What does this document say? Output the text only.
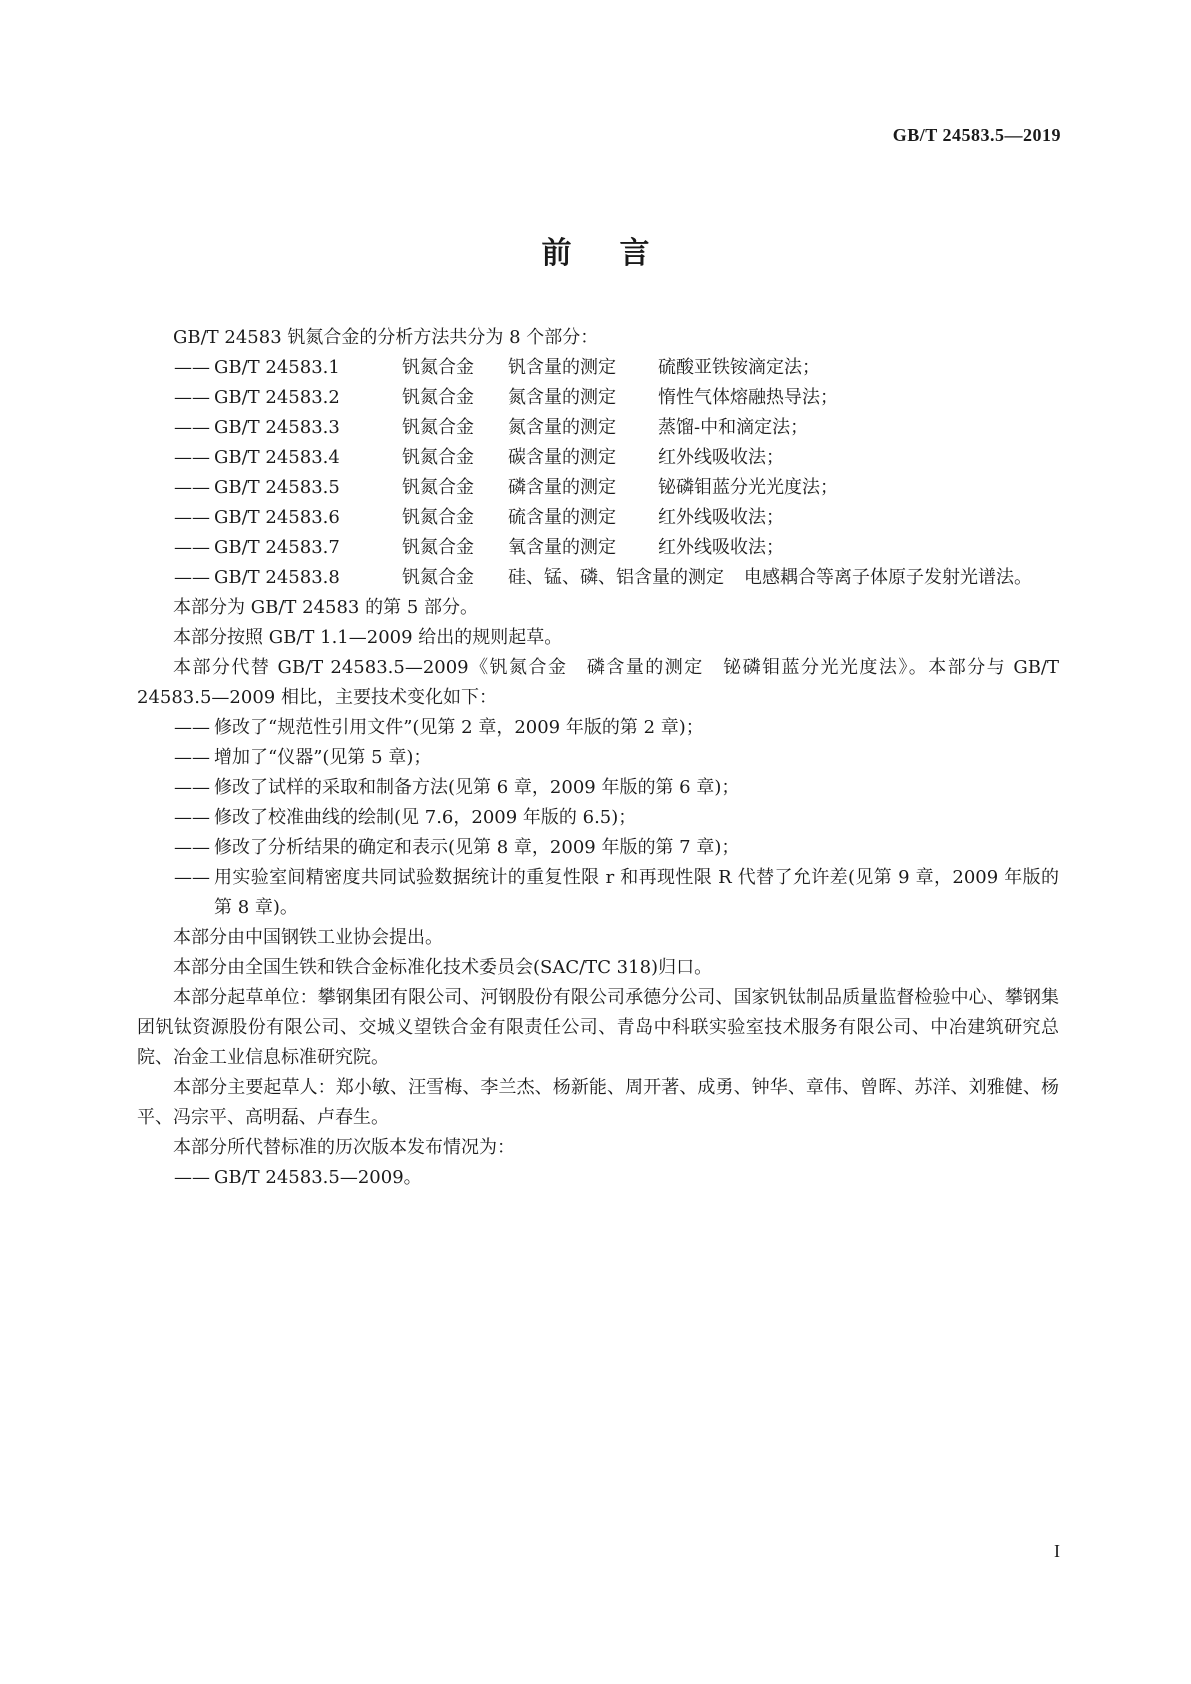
GB/T 24583.5—2019
前言

GB/T 24583 钒氮合金的分析方法共分为 8 个部分：

—— GB/T 24583.1	钒氮合金 钒含量的测定 硫酸亚铁铵滴定法；

—— GB/T 24583.2	钒氮合金 氮含量的测定 惰性气体熔融热导法；

—— GB/T 24583.3	钒氮合金 氮含量的测定 蒸馏-中和滴定法；

—— GB/T 24583.4	钒氮合金 碳含量的测定 红外线吸收法；

—— GB/T 24583.5	钒氮合金 磷含量的测定 铋磷钼蓝分光光度法；

—— GB/T 24583.6	钒氮合金 硫含量的测定 红外线吸收法；

—— GB/T 24583.7	钒氮合金 氧含量的测定 红外线吸收法；

—— GB/T 24583.8	钒氮合金 硅、锰、磷、铝含量的测定 电感耦合等离子体原子发射光谱法。

本部分为 GB/T 24583 的第 5 部分。

本部分按照 GB/T 1.1—2009 给出的规则起草。

本部分代替 GB/T 24583.5—2009《钒氮合金　磷含量的测定　铋磷钼蓝分光光度法》。本部分与 GB/T 24583.5—2009 相比，主要技术变化如下：

—— 修改了“规范性引用文件”(见第 2 章，2009 年版的第 2 章)；

—— 增加了“仪器”(见第 5 章)；

—— 修改了试样的采取和制备方法(见第 6 章，2009 年版的第 6 章)；

—— 修改了校准曲线的绘制(见 7.6，2009 年版的 6.5)；

—— 修改了分析结果的确定和表示(见第 8 章，2009 年版的第 7 章)；

—— 用实验室间精密度共同试验数据统计的重复性限 r 和再现性限 R 代替了允许差(见第 9 章，2009 年版的第 8 章)。

本部分由中国钢铁工业协会提出。

本部分由全国生铁和铁合金标准化技术委员会(SAC/TC 318)归口。

本部分起草单位：攀钢集团有限公司、河钢股份有限公司承德分公司、国家钒钛制品质量监督检验中心、攀钢集团钒钛资源股份有限公司、交城义望铁合金有限责任公司、青岛中科联实验室技术服务有限公司、中冶建筑研究总院、冶金工业信息标准研究院。

本部分主要起草人：郑小敏、汪雪梅、李兰杰、杨新能、周开著、成勇、钟华、章伟、曾晖、苏洋、刘雅健、杨平、冯宗平、高明磊、卢春生。

本部分所代替标准的历次版本发布情况为：

—— GB/T 24583.5—2009。

I
